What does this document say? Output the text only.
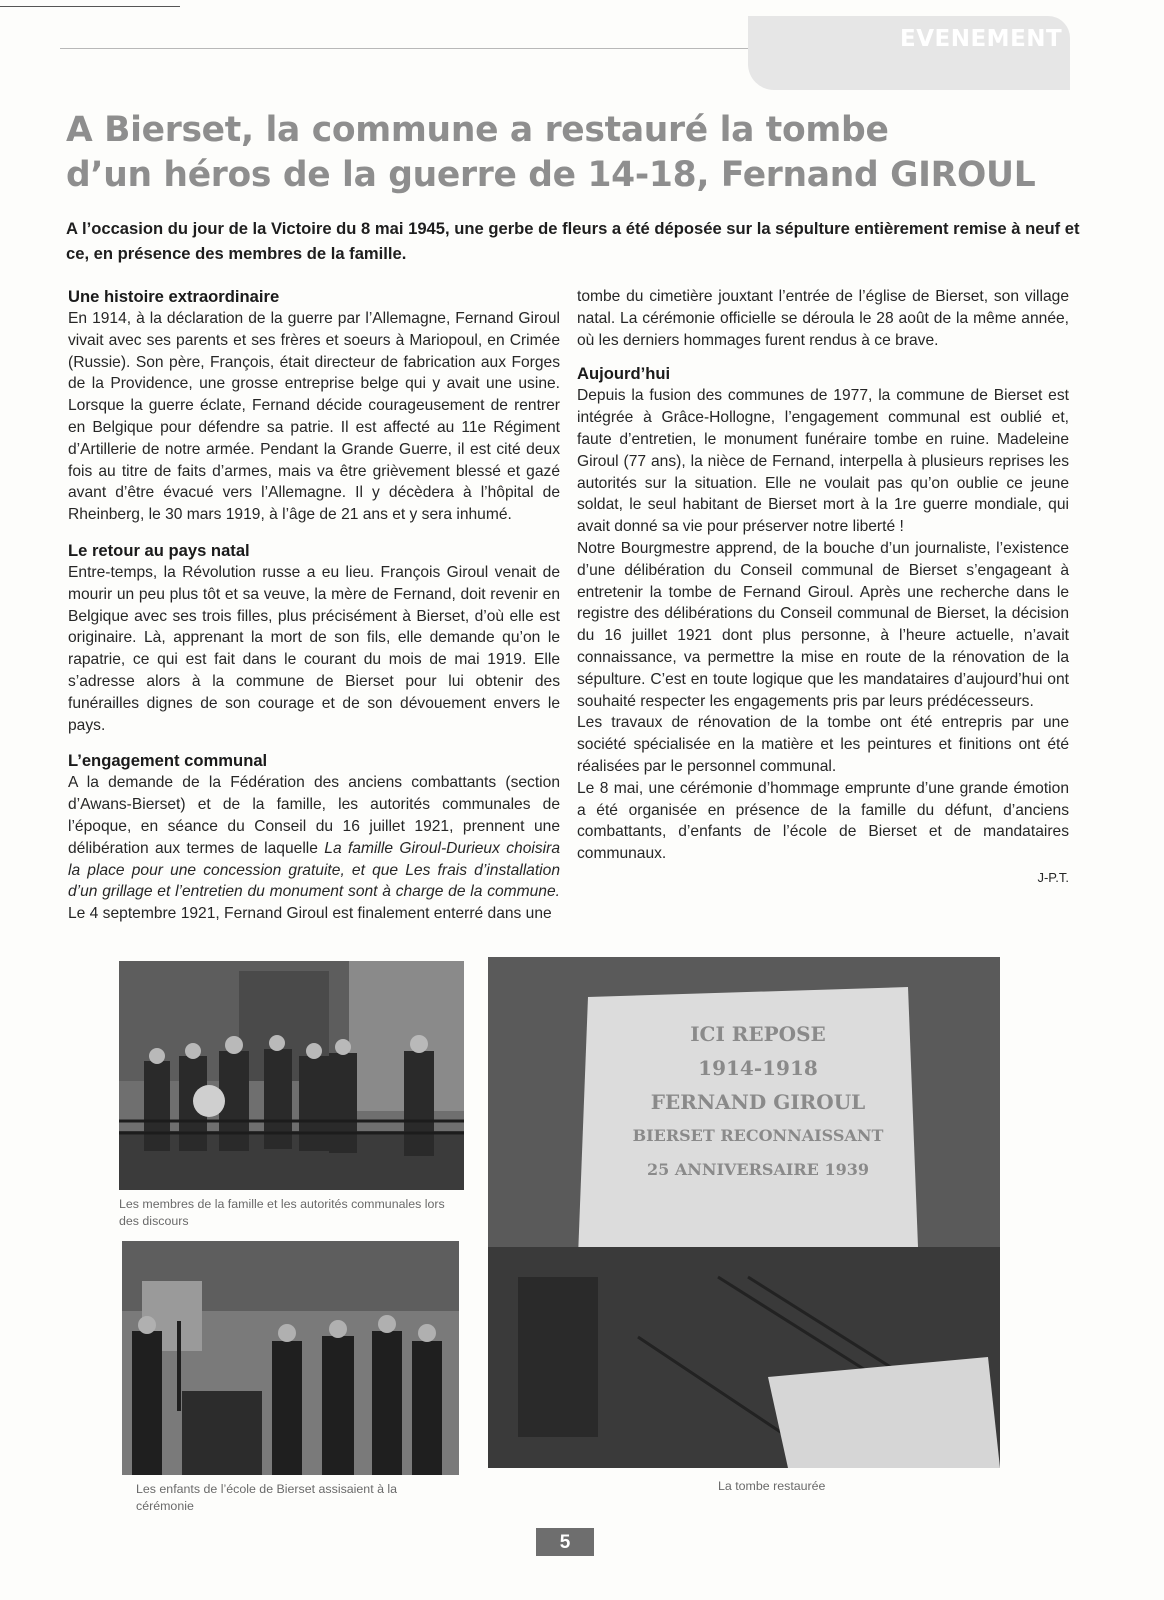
EVENEMENT
A Bierset, la commune a restauré la tombe
d’un héros de la guerre de 14-18, Fernand GIROUL

A l’occasion du jour de la Victoire du 8 mai 1945, une gerbe de fleurs a été déposée sur la sépulture entièrement remise à neuf et ce, en présence des membres de la famille.

Une histoire extraordinaire

En 1914, à la déclaration de la guerre par l’Allemagne, Fernand Giroul vivait avec ses parents et ses frères et soeurs à Mariopoul, en Crimée (Russie). Son père, François, était directeur de fabrication aux Forges de la Providence, une grosse entreprise belge qui y avait une usine. Lorsque la guerre éclate, Fernand décide courageusement de rentrer en Belgique pour défendre sa patrie. Il est affecté au 11e Régiment d’Artillerie de notre armée. Pendant la Grande Guerre, il est cité deux fois au titre de faits d’armes, mais va être grièvement blessé et gazé avant d’être évacué vers l’Allemagne. Il y décèdera à l’hôpital de Rheinberg, le 30 mars 1919, à l’âge de 21 ans et y sera inhumé.

Le retour au pays natal

Entre-temps, la Révolution russe a eu lieu. François Giroul venait de mourir un peu plus tôt et sa veuve, la mère de Fernand, doit revenir en Belgique avec ses trois filles, plus précisément à Bierset, d’où elle est originaire. Là, apprenant la mort de son fils, elle demande qu’on le rapatrie, ce qui est fait dans le courant du mois de mai 1919. Elle s’adresse alors à la commune de Bierset pour lui obtenir des funérailles dignes de son courage et de son dévouement envers le pays.

L’engagement communal

A la demande de la Fédération des anciens combattants (section d’Awans-Bierset) et de la famille, les autorités communales de l’époque, en séance du Conseil du 16 juillet 1921, prennent une délibération aux termes de laquelle La famille Giroul-Durieux choisira la place pour une concession gratuite, et que Les frais d’installation d’un grillage et l’entretien du monument sont à charge de la commune. Le 4 septembre 1921, Fernand Giroul est finalement enterré dans une

tombe du cimetière jouxtant l’entrée de l’église de Bierset, son village natal. La cérémonie officielle se déroula le 28 août de la même année, où les derniers hommages furent rendus à ce brave.

Aujourd’hui

Depuis la fusion des communes de 1977, la commune de Bierset est intégrée à Grâce-Hollogne, l’engagement communal est oublié et, faute d’entretien, le monument funéraire tombe en ruine. Madeleine Giroul (77 ans), la nièce de Fernand, interpella à plusieurs reprises les autorités sur la situation. Elle ne voulait pas qu’on oublie ce jeune soldat, le seul habitant de Bierset mort à la 1re guerre mondiale, qui avait donné sa vie pour préserver notre liberté !

Notre Bourgmestre apprend, de la bouche d’un journaliste, l’existence d’une délibération du Conseil communal de Bierset s’engageant à entretenir la tombe de Fernand Giroul. Après une recherche dans le registre des délibérations du Conseil communal de Bierset, la décision du 16 juillet 1921 dont plus personne, à l’heure actuelle, n’avait connaissance, va permettre la mise en route de la rénovation de la sépulture. C’est en toute logique que les mandataires d’aujourd’hui ont souhaité respecter les engagements pris par leurs prédécesseurs.

Les travaux de rénovation de la tombe ont été entrepris par une société spécialisée en la matière et les peintures et finitions ont été réalisées par le personnel communal.

Le 8 mai, une cérémonie d’hommage emprunte d’une grande émotion a été organisée en présence de la famille du défunt, d’anciens combattants, d’enfants de l’école de Bierset et de mandataires communaux.

J-P.T.
Les membres de la famille et les autorités communales lors des discours
Les enfants de l’école de Bierset assisaient à la cérémonie
ICI REPOSE
1914-1918
FERNAND GIROUL
BIERSET RECONNAISSANT
25 ANNIVERSAIRE 1939
La tombe restaurée
5
